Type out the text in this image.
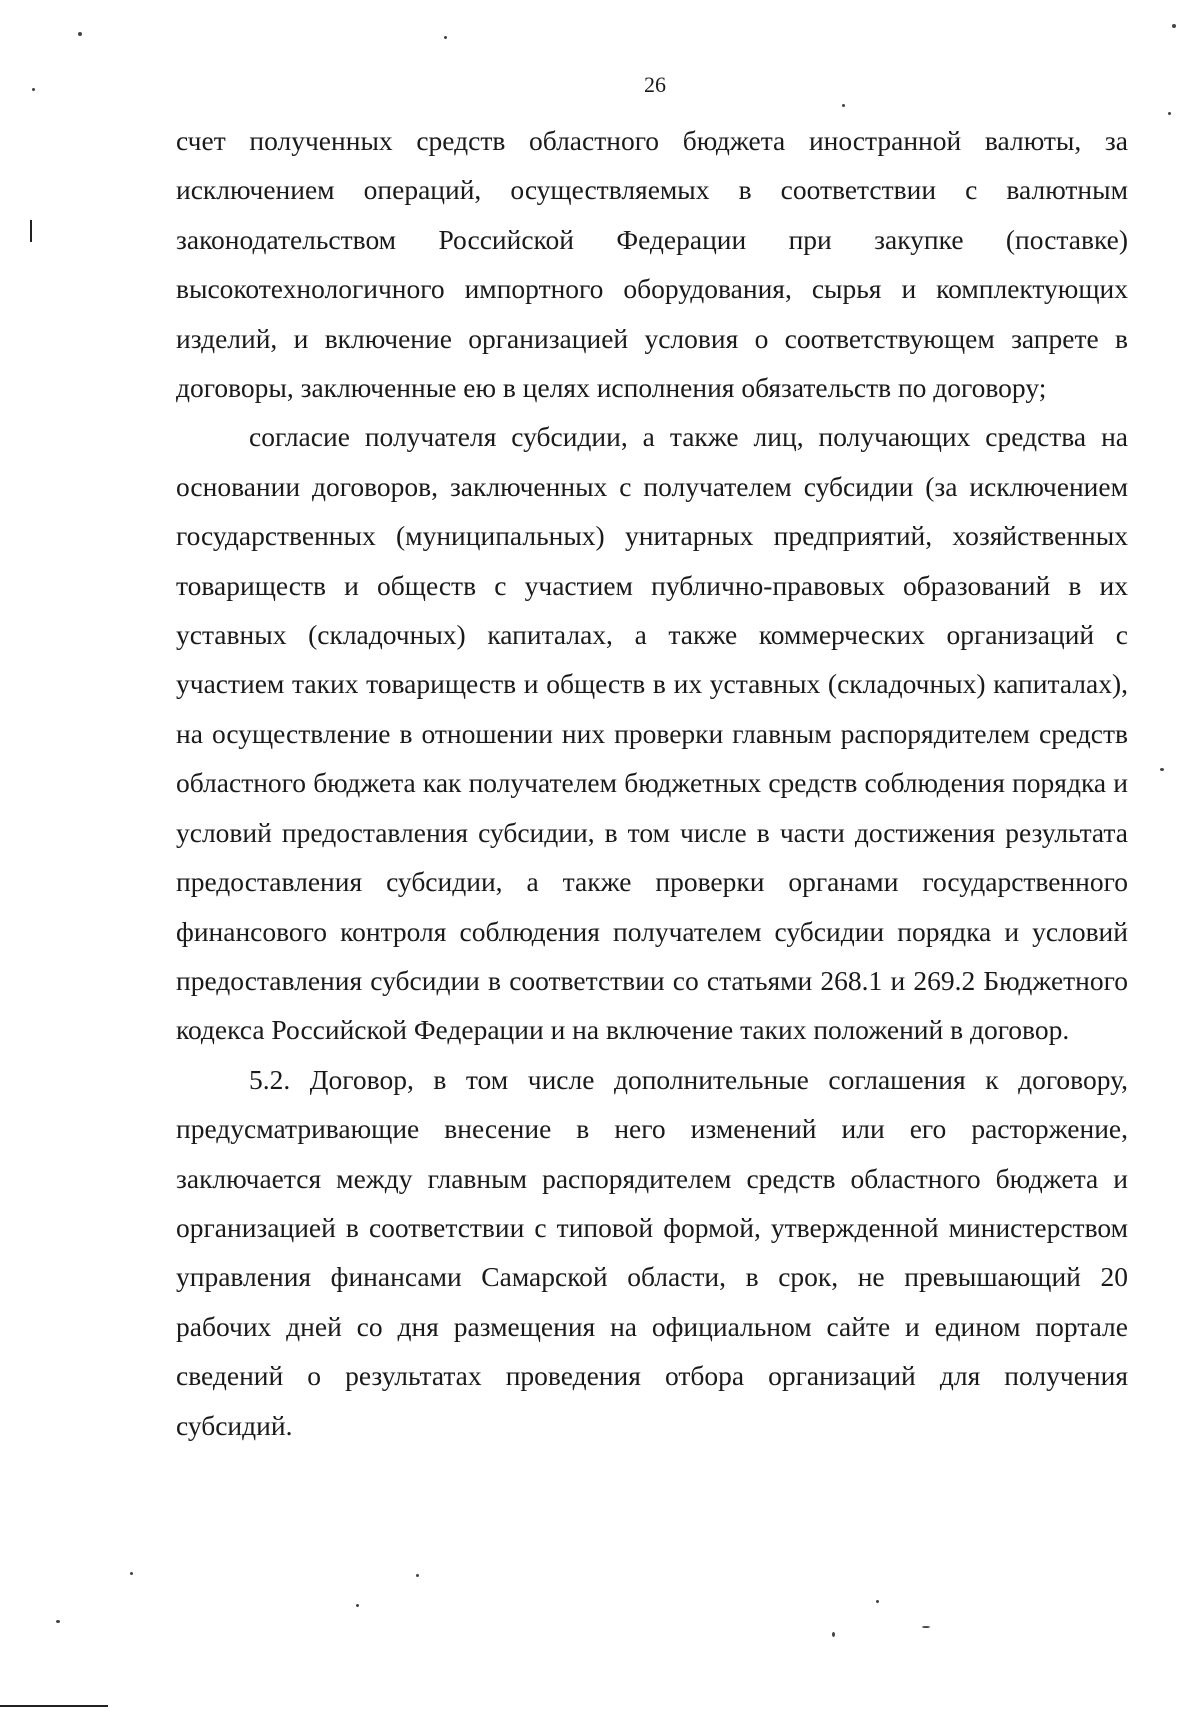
26

счет полученных средств областного бюджета иностранной валюты, за исключением операций, осуществляемых в соответствии с валютным законодательством Российской Федерации при закупке (поставке) высокотехнологичного импортного оборудования, сырья и комплектующих изделий, и включение организацией условия о соответствующем запрете в договоры, заключенные ею в целях исполнения обязательств по договору;

согласие получателя субсидии, а также лиц, получающих средства на основании договоров, заключенных с получателем субсидии (за исключением государственных (муниципальных) унитарных предприятий, хозяйственных товариществ и обществ с участием публично-правовых образований в их уставных (складочных) капиталах, а также коммерческих организаций с участием таких товариществ и обществ в их уставных (складочных) капиталах), на осуществление в отношении них проверки главным распорядителем средств областного бюджета как получателем бюджетных средств соблюдения порядка и условий предоставления субсидии, в том числе в части достижения результата предоставления субсидии, а также проверки органами государственного финансового контроля соблюдения получателем субсидии порядка и условий предоставления субсидии в соответствии со статьями 268.1 и 269.2 Бюджетного кодекса Российской Федерации и на включение таких положений в договор.

5.2. Договор, в том числе дополнительные соглашения к договору, предусматривающие внесение в него изменений или его расторжение, заключается между главным распорядителем средств областного бюджета и организацией в соответствии с типовой формой, утвержденной министерством управления финансами Самарской области, в срок, не превышающий 20 рабочих дней со дня размещения на официальном сайте и едином портале сведений о результатах проведения отбора организаций для получения субсидий.
